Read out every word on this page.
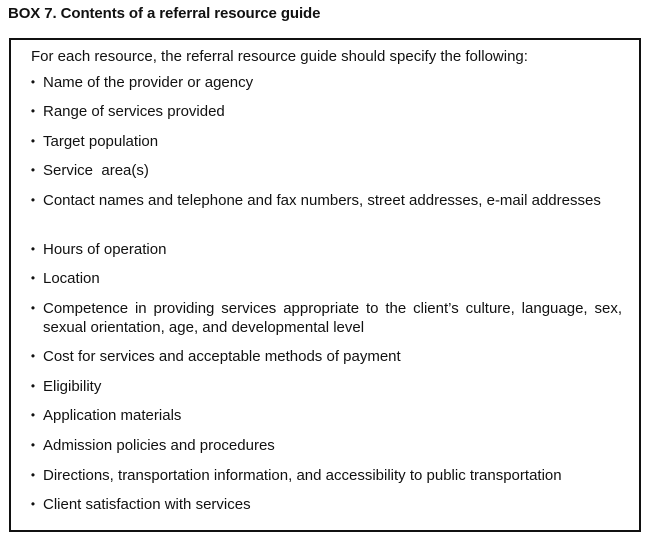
BOX 7. Contents of a referral resource guide

For each resource, the referral resource guide should specify the following:

• Name of the provider or agency
• Range of services provided
• Target population
• Service  area(s)
• Contact names and telephone and fax numbers, street addresses, e-mail addresses
• Hours of operation
• Location
• Competence in providing services appropriate to the client’s culture, language, sex, sexual orientation, age, and developmental level
• Cost for services and acceptable methods of payment
• Eligibility
• Application materials
• Admission policies and procedures
• Directions, transportation information, and accessibility to public transportation
• Client satisfaction with services
